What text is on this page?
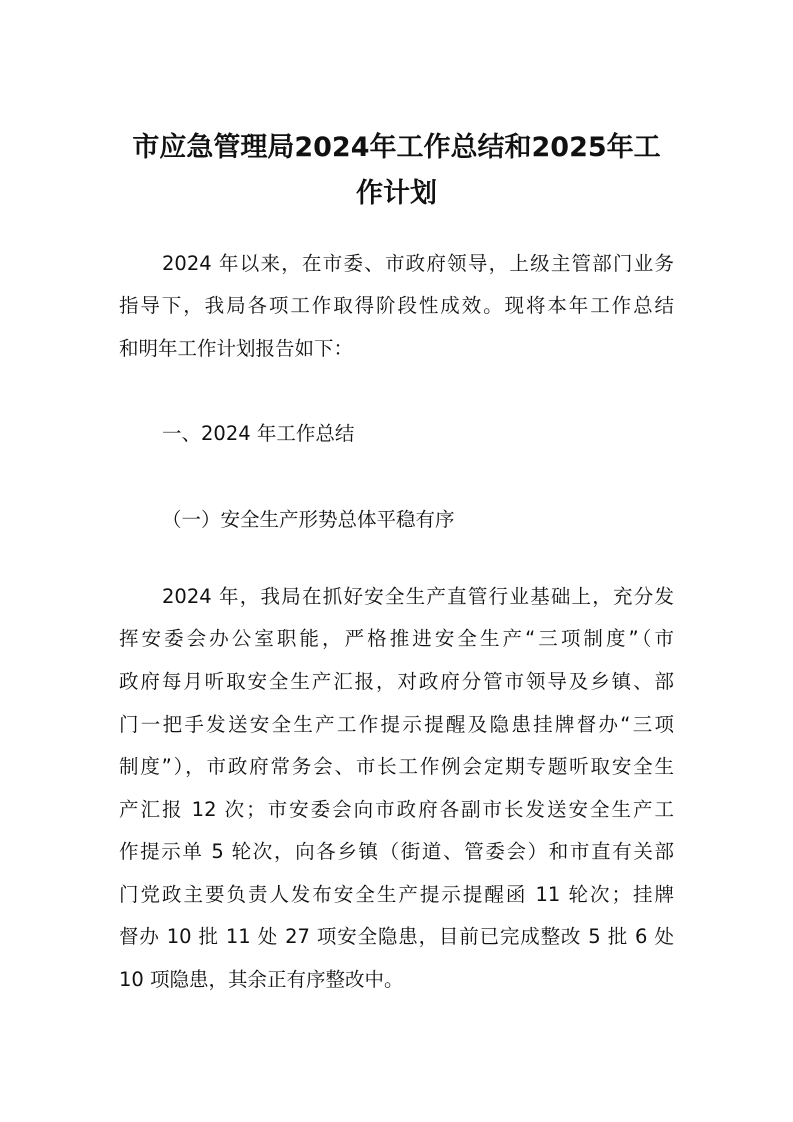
市应急管理局2024年工作总结和2025年工
作计划

2024 年以来，在市委、市政府领导，上级主管部门业务

指导下，我局各项工作取得阶段性成效。现将本年工作总结

和明年工作计划报告如下：

一、2024 年工作总结

（一）安全生产形势总体平稳有序

2024 年，我局在抓好安全生产直管行业基础上，充分发

挥安委会办公室职能，严格推进安全生产“三项制度”（市

政府每月听取安全生产汇报，对政府分管市领导及乡镇、部

门一把手发送安全生产工作提示提醒及隐患挂牌督办“三项

制度”），市政府常务会、市长工作例会定期专题听取安全生

产汇报 12 次；市安委会向市政府各副市长发送安全生产工

作提示单 5 轮次，向各乡镇（街道、管委会）和市直有关部

门党政主要负责人发布安全生产提示提醒函 11 轮次；挂牌

督办 10 批 11 处 27 项安全隐患，目前已完成整改 5 批 6 处

10 项隐患，其余正有序整改中。
